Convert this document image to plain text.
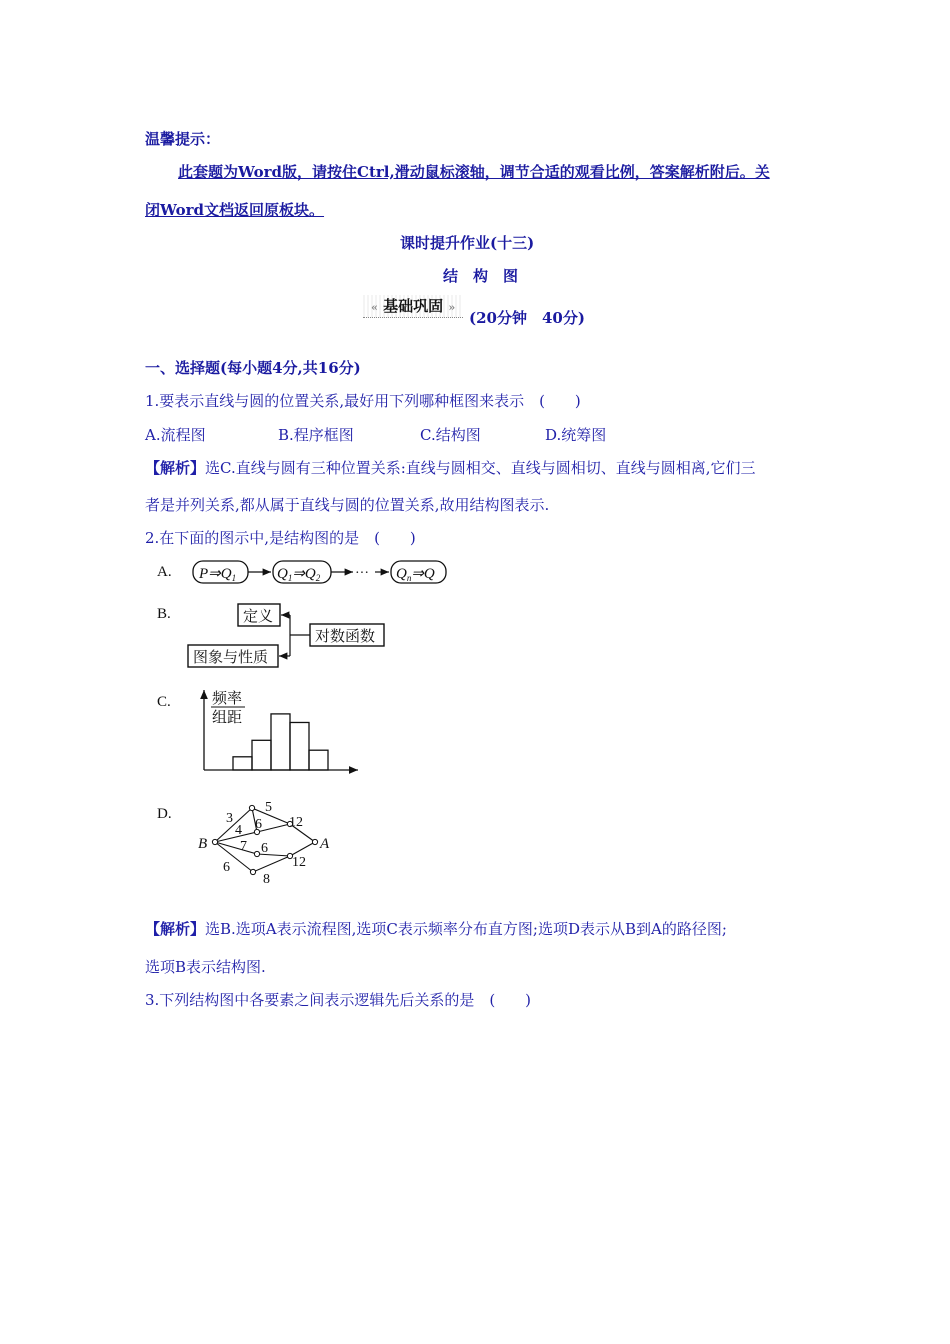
温馨提示：
此套题为Word版，请按住Ctrl,滑动鼠标滚轴，调节合适的观看比例，答案解析附后。关
闭Word文档返回原板块。
课时提升作业(十三)
结　构　图
« 基础巩固 »
(20分钟　40分)
一、选择题(每小题4分,共16分)
1.要表示直线与圆的位置关系,最好用下列哪种框图来表示　(　　)
A.流程图	B.程序框图	C.结构图	D.统筹图
【解析】选C.直线与圆有三种位置关系:直线与圆相交、直线与圆相切、直线与圆相离,它们三
者是并列关系,都从属于直线与圆的位置关系,故用结构图表示.
2.在下面的图示中,是结构图的是　(　　)
A. $P\Rightarrow Q_1$	$Q_1\Rightarrow Q_2$ ··· $Q_n\Rightarrow Q$
B.	定义
对数函数
图象与性质
C.	频率
组距
D.
B	A
3
5
4 6 12
7 6
12
6
8
【解析】选B.选项A表示流程图,选项C表示频率分布直方图;选项D表示从B到A的路径图;
选项B表示结构图.
3.下列结构图中各要素之间表示逻辑先后关系的是　(　　)
